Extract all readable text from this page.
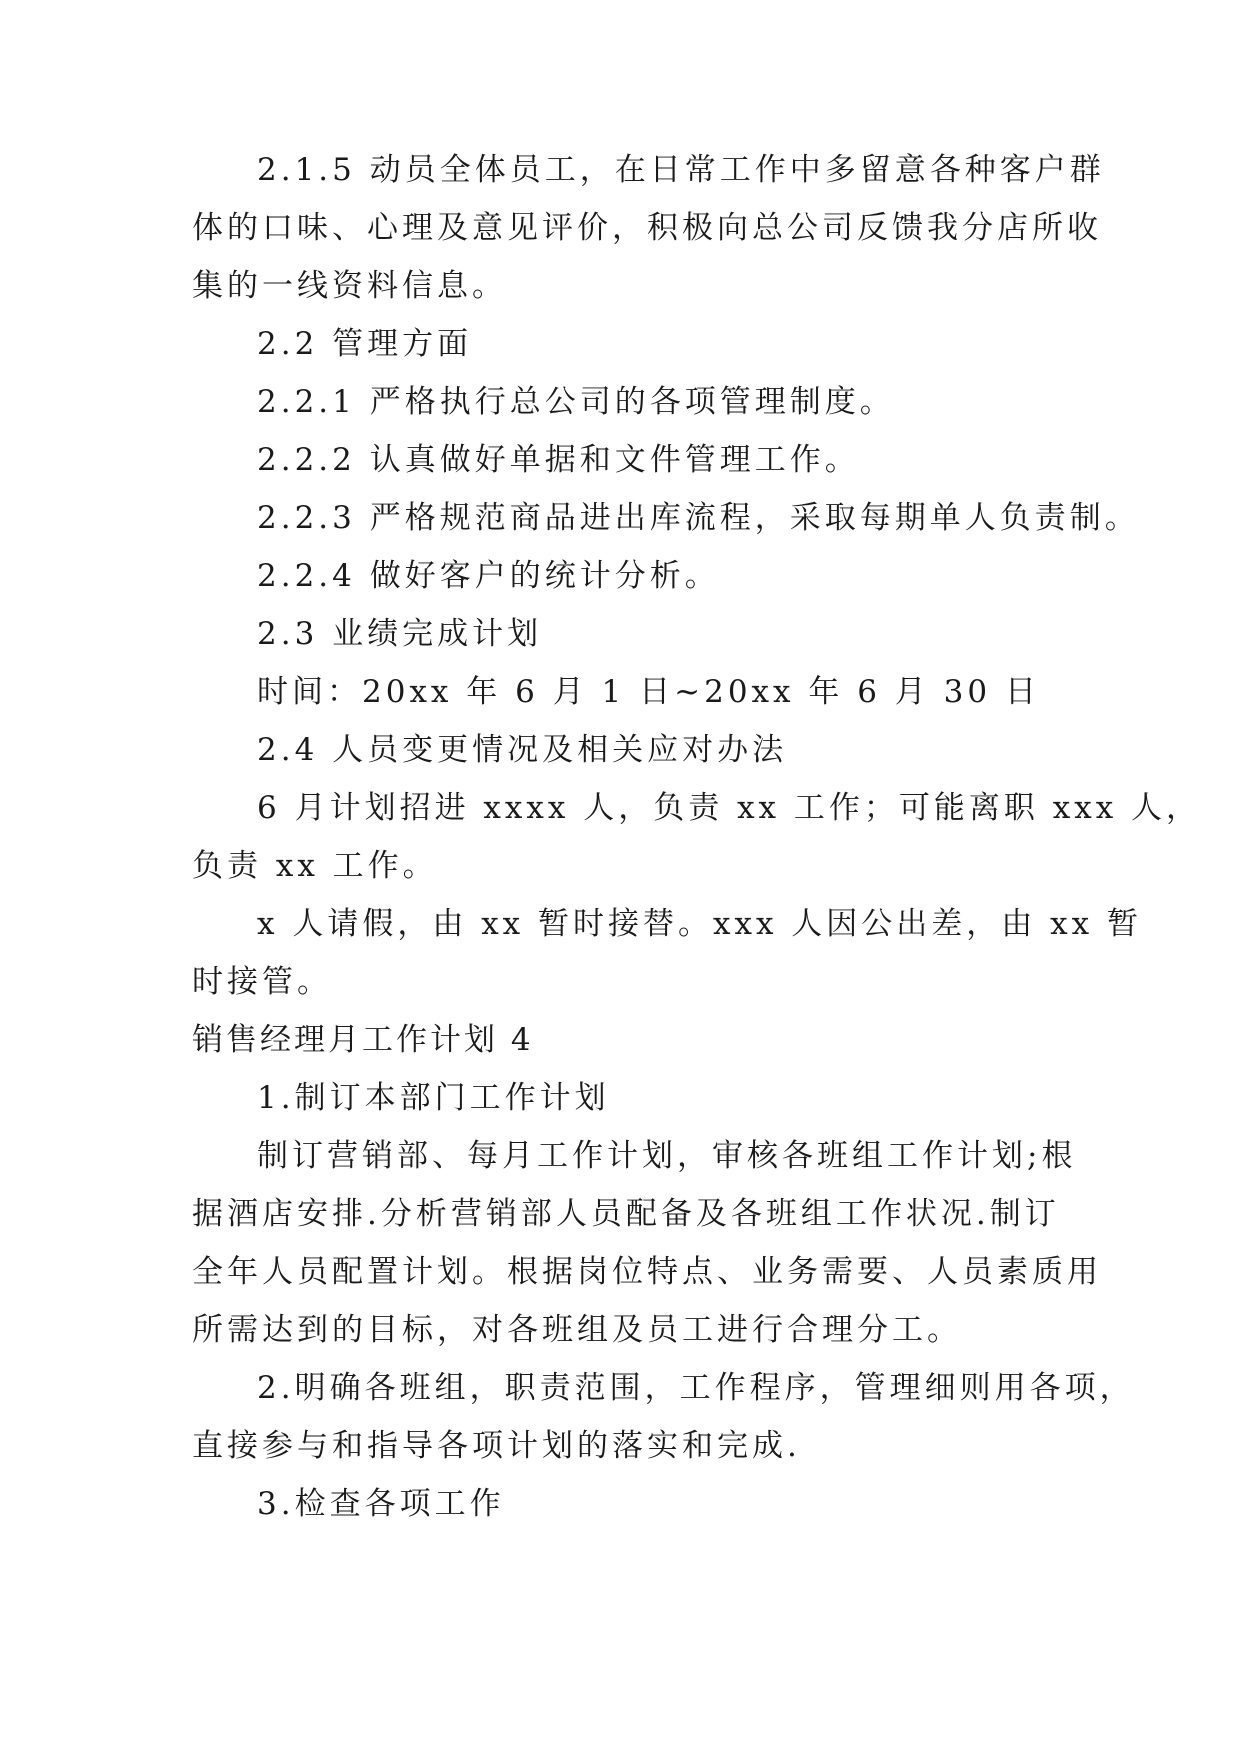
2.1.5 动员全体员工，在日常工作中多留意各种客户群
体的口味、心理及意见评价，积极向总公司反馈我分店所收
集的一线资料信息。
2.2 管理方面
2.2.1 严格执行总公司的各项管理制度。
2.2.2 认真做好单据和文件管理工作。
2.2.3 严格规范商品进出库流程，采取每期单人负责制。
2.2.4 做好客户的统计分析。
2.3 业绩完成计划
时间：20xx 年 6 月 1 日~20xx 年 6 月 30 日
2.4 人员变更情况及相关应对办法
6 月计划招进 xxxx 人，负责 xx 工作；可能离职 xxx 人，
负责 xx 工作。
x 人请假，由 xx 暂时接替。xxx 人因公出差，由 xx 暂
时接管。
销售经理月工作计划 4
1.制订本部门工作计划
制订营销部、每月工作计划，审核各班组工作计划;根
据酒店安排.分析营销部人员配备及各班组工作状况.制订
全年人员配置计划。根据岗位特点、业务需要、人员素质用
所需达到的目标，对各班组及员工进行合理分工。
2.明确各班组，职责范围，工作程序，管理细则用各项，
直接参与和指导各项计划的落实和完成.
3.检查各项工作
